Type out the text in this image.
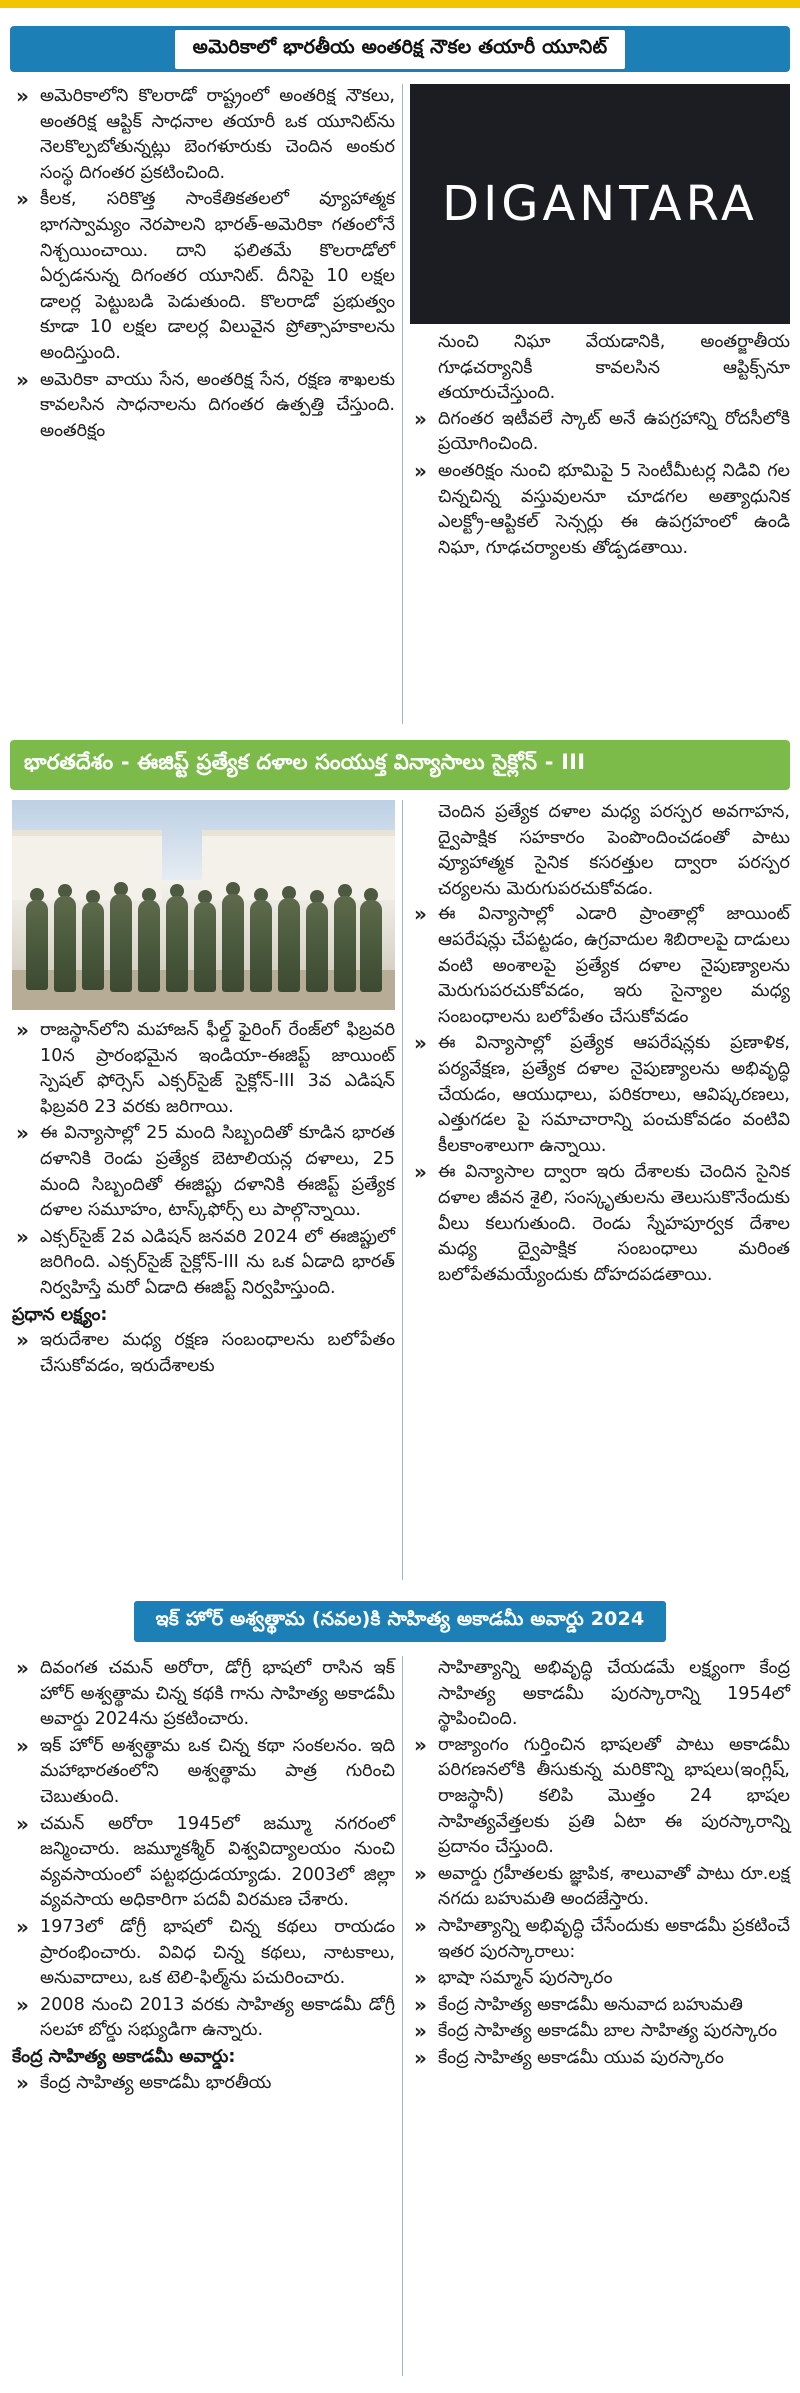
అమెరికాలో భారతీయ అంతరిక్ష నౌకల తయారీ యూనిట్
» అమెరికాలోని కొలరాడో రాష్ట్రంలో అంతరిక్ష నౌకలు, అంతరిక్ష ఆప్టిక్ సాధనాల తయారీ ఒక యూనిట్‌ను నెలకొల్పబోతున్నట్లు బెంగళూరుకు చెందిన అంకుర సంస్థ దిగంతర ప్రకటించింది.
» కీలక, సరికొత్త సాంకేతికతలలో వ్యూహాత్మక భాగస్వామ్యం నెరపాలని భారత్-అమెరికా గతంలోనే నిశ్చయించాయి. దాని ఫలితమే కొలరాడోలో ఏర్పడనున్న దిగంతర యూనిట్. దీనిపై 10 లక్షల డాలర్ల పెట్టుబడి పెడుతుంది. కొలరాడో ప్రభుత్వం కూడా 10 లక్షల డాలర్ల విలువైన ప్రోత్సాహకాలను అందిస్తుంది.
» అమెరికా వాయు సేన, అంతరిక్ష సేన, రక్షణ శాఖలకు కావలసిన సాధనాలను దిగంతర ఉత్పత్తి చేస్తుంది. అంతరిక్షం
DIGANTARA

నుంచి నిఘా వేయడానికి, అంతర్జాతీయ గూఢచర్యానికీ కావలసిన ఆప్టిక్స్‌నూ తయారుచేస్తుంది.

» దిగంతర ఇటీవలే స్కాట్ అనే ఉపగ్రహాన్ని రోదసీలోకి ప్రయోగించింది.
» అంతరిక్షం నుంచి భూమిపై 5 సెంటీమీటర్ల నిడివి గల చిన్నచిన్న వస్తువులనూ చూడగల అత్యాధునిక ఎలక్ట్రో-ఆప్టికల్ సెన్సర్లు ఈ ఉపగ్రహంలో ఉండి నిఘా, గూఢచర్యాలకు తోడ్పడతాయి.
భారతదేశం - ఈజిప్ట్ ప్రత్యేక దళాల సంయుక్త విన్యాసాలు సైక్లోన్ - III
» రాజస్థాన్‌లోని మహాజన్ ఫీల్డ్ ఫైరింగ్ రేంజ్‌లో ఫిబ్రవరి 10న ప్రారంభమైన ఇండియా-ఈజిప్ట్ జాయింట్ స్పెషల్ ఫోర్సెస్ ఎక్సర్‌సైజ్ సైక్లోన్-III 3వ ఎడిషన్ ఫిబ్రవరి 23 వరకు జరిగాయి.
» ఈ విన్యాసాల్లో 25 మంది సిబ్బందితో కూడిన భారత దళానికి రెండు ప్రత్యేక బెటాలియన్ల దళాలు, 25 మంది సిబ్బందితో ఈజిప్టు దళానికి ఈజిప్ట్ ప్రత్యేక దళాల సమూహం, టాస్క్‌ఫోర్స్ లు పాల్గొన్నాయి.
» ఎక్సర్‌సైజ్ 2వ ఎడిషన్ జనవరి 2024 లో ఈజిప్టులో జరిగింది. ఎక్సర్‌సైజ్ సైక్లోన్-III ను ఒక ఏడాది భారత్ నిర్వహిస్తే మరో ఏడాది ఈజిప్ట్ నిర్వహిస్తుంది.
ప్రధాన లక్ష్యం:
» ఇరుదేశాల మధ్య రక్షణ సంబంధాలను బలోపేతం చేసుకోవడం, ఇరుదేశాలకు

చెందిన ప్రత్యేక దళాల మధ్య పరస్పర అవగాహన, ద్వైపాక్షిక సహకారం పెంపొందించడంతో పాటు వ్యూహాత్మక సైనిక కసరత్తుల ద్వారా పరస్పర చర్యలను మెరుగుపరచుకోవడం.

» ఈ విన్యాసాల్లో ఎడారి ప్రాంతాల్లో జాయింట్ ఆపరేషన్లు చేపట్టడం, ఉగ్రవాదుల శిబిరాలపై దాడులు వంటి అంశాలపై ప్రత్యేక దళాల నైపుణ్యాలను మెరుగుపరచుకోవడం, ఇరు సైన్యాల మధ్య సంబంధాలను బలోపేతం చేసుకోవడం
» ఈ విన్యాసాల్లో ప్రత్యేక ఆపరేషన్లకు ప్రణాళిక, పర్యవేక్షణ, ప్రత్యేక దళాల నైపుణ్యాలను అభివృద్ధి చేయడం, ఆయుధాలు, పరికరాలు, ఆవిష్కరణలు, ఎత్తుగడల పై సమాచారాన్ని పంచుకోవడం వంటివి కీలకాంశాలుగా ఉన్నాయి.
» ఈ విన్యాసాల ద్వారా ఇరు దేశాలకు చెందిన సైనిక దళాల జీవన శైలి, సంస్కృతులను తెలుసుకొనేందుకు వీలు కలుగుతుంది. రెండు స్నేహపూర్వక దేశాల మధ్య ద్వైపాక్షిక సంబంధాలు మరింత బలోపేతమయ్యేందుకు దోహదపడతాయి.
ఇక్ హోర్ అశ్వత్థామ (నవల)కి సాహిత్య అకాడమీ అవార్డు 2024
» దివంగత చమన్ అరోరా, డోగ్రీ భాషలో రాసిన ఇక్ హోర్ అశ్వత్థామ చిన్న కథకి గాను సాహిత్య అకాడమీ అవార్డు 2024ను ప్రకటించారు.
» ఇక్ హోర్ అశ్వత్థామ ఒక చిన్న కథా సంకలనం. ఇది మహాభారతంలోని అశ్వత్థామ పాత్ర గురించి చెబుతుంది.
» చమన్ అరోరా 1945లో జమ్మూ నగరంలో జన్మించారు. జమ్మూకశ్మీర్ విశ్వవిద్యాలయం నుంచి వ్యవసాయంలో పట్టభద్రుడయ్యాడు. 2003లో జిల్లా వ్యవసాయ అధికారిగా పదవీ విరమణ చేశారు.
» 1973లో డోగ్రీ భాషలో చిన్న కథలు రాయడం ప్రారంభించారు. వివిధ చిన్న కథలు, నాటకాలు, అనువాదాలు, ఒక టెలి-ఫిల్మ్‌ను పచురించారు.
» 2008 నుంచి 2013 వరకు సాహిత్య అకాడమీ డోగ్రీ సలహా బోర్డు సభ్యుడిగా ఉన్నారు.
కేంద్ర సాహిత్య అకాడమీ అవార్డు:
» కేంద్ర సాహిత్య అకాడమీ భారతీయ

సాహిత్యాన్ని అభివృద్ధి చేయడమే లక్ష్యంగా కేంద్ర సాహిత్య అకాడమీ పురస్కారాన్ని 1954లో స్థాపించింది.

» రాజ్యాంగం గుర్తించిన భాషలతో పాటు అకాడమీ పరిగణనలోకి తీసుకున్న మరికొన్ని భాషలు(ఇంగ్లిష్, రాజస్థానీ) కలిపి మొత్తం 24 భాషల సాహిత్యవేత్తలకు ప్రతి ఏటా ఈ పురస్కారాన్ని ప్రదానం చేస్తుంది.
» అవార్డు గ్రహీతలకు జ్ఞాపిక, శాలువాతో పాటు రూ.లక్ష నగదు బహుమతి అందజేస్తారు.
» సాహిత్యాన్ని అభివృద్ధి చేసేందుకు అకాడమీ ప్రకటించే ఇతర పురస్కారాలు:
» భాషా సమ్మాన్ పురస్కారం
» కేంద్ర సాహిత్య అకాడమీ అనువాద బహుమతి
» కేంద్ర సాహిత్య అకాడమీ బాల సాహిత్య పురస్కారం
» కేంద్ర సాహిత్య అకాడమీ యువ పురస్కారం
